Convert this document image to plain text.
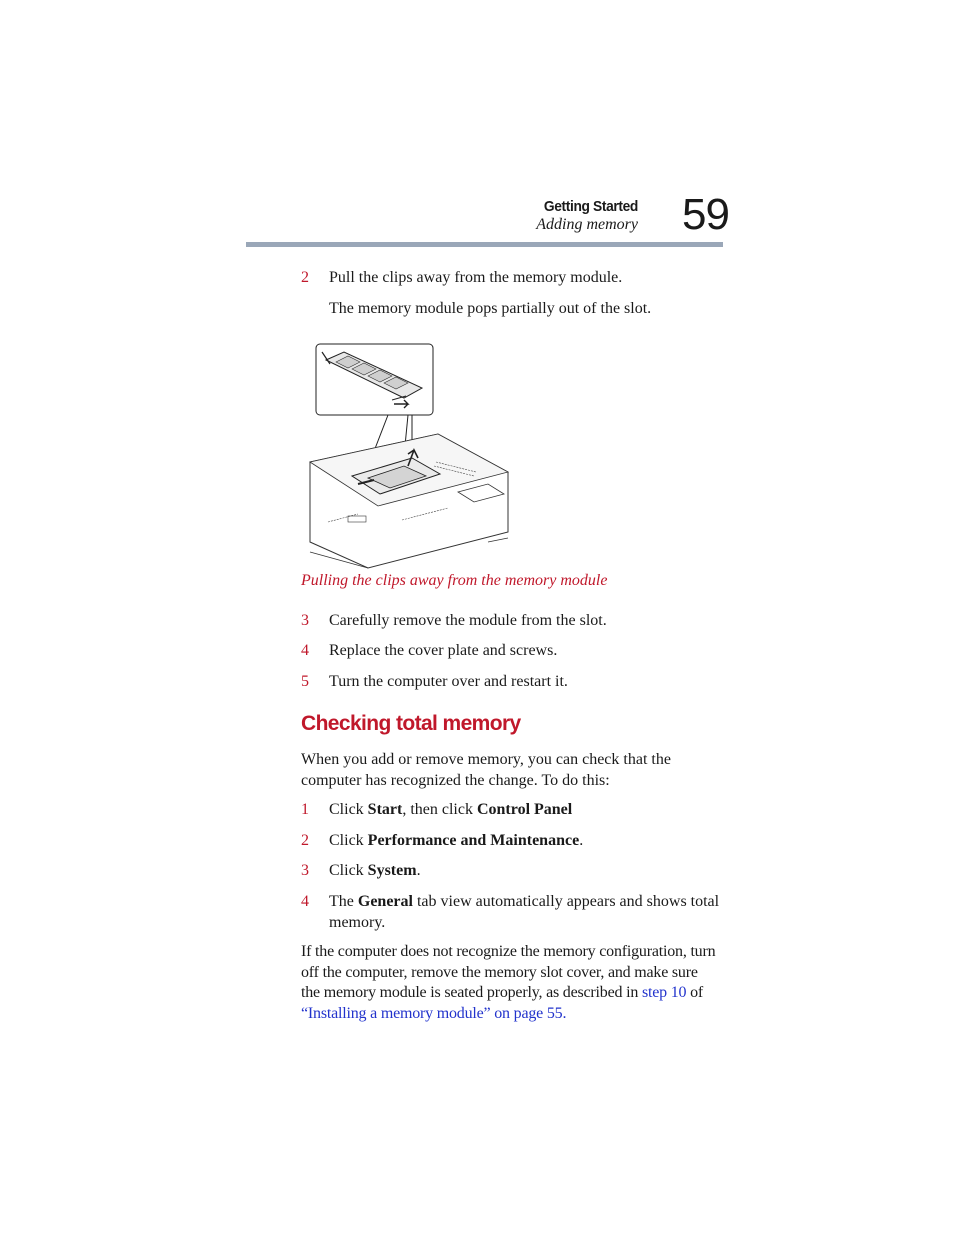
Getting Started
Adding memory 59
2 Pull the clips away from the memory module.
The memory module pops partially out of the slot.
Pulling the clips away from the memory module
3 Carefully remove the module from the slot.
4 Replace the cover plate and screws.
5 Turn the computer over and restart it.
Checking total memory
When you add or remove memory, you can check that the
computer has recognized the change. To do this:
1 Click Start, then click Control Panel
2 Click Performance and Maintenance.
3 Click System.
4 The General tab view automatically appears and shows total
memory.
If the computer does not recognize the memory configuration, turn
off the computer, remove the memory slot cover, and make sure
the memory module is seated properly, as described in step 10 of
“Installing a memory module” on page 55.
